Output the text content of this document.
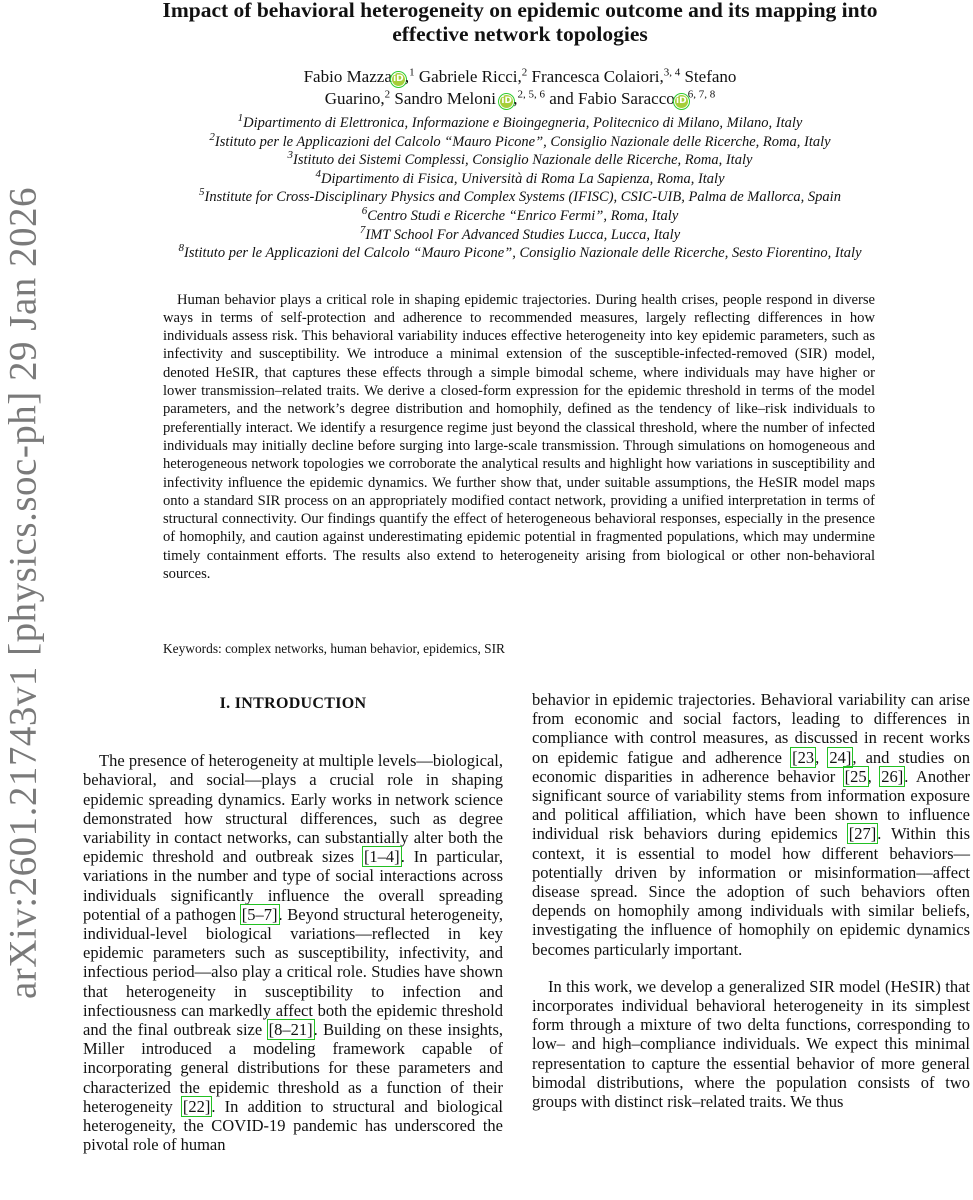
arXiv:2601.21743v1 [physics.soc-ph] 29 Jan 2026
Impact of behavioral heterogeneity on epidemic outcome and its mapping into
effective network topologies
Fabio MazzaiD,$^1$ Gabriele Ricci,$^2$ Francesca Colaiori,$^{3, 4}$ Stefano
Guarino,$^2$ Sandro Meloni iD,$^{2, 5, 6}$ and Fabio SaraccoiD$^{6, 7, 8}$
$^1$Dipartimento di Elettronica, Informazione e Bioingegneria, Politecnico di Milano, Milano, Italy
$^2$Istituto per le Applicazioni del Calcolo “Mauro Picone”, Consiglio Nazionale delle Ricerche, Roma, Italy
$^3$Istituto dei Sistemi Complessi, Consiglio Nazionale delle Ricerche, Roma, Italy
$^4$Dipartimento di Fisica, Università di Roma La Sapienza, Roma, Italy
$^5$Institute for Cross-Disciplinary Physics and Complex Systems (IFISC), CSIC-UIB, Palma de Mallorca, Spain
$^6$Centro Studi e Ricerche “Enrico Fermi”, Roma, Italy
$^7$IMT School For Advanced Studies Lucca, Lucca, Italy
$^8$Istituto per le Applicazioni del Calcolo “Mauro Picone”, Consiglio Nazionale delle Ricerche, Sesto Fiorentino, Italy

Human behavior plays a critical role in shaping epidemic trajectories. During health crises, people respond in diverse ways in terms of self-protection and adherence to recommended measures, largely reflecting differences in how individuals assess risk. This behavioral variability induces effective heterogeneity into key epidemic parameters, such as infectivity and susceptibility. We introduce a minimal extension of the susceptible-infected-removed (SIR) model, denoted HeSIR, that captures these effects through a simple bimodal scheme, where individuals may have higher or lower transmission–related traits. We derive a closed-form expression for the epidemic threshold in terms of the model parameters, and the network’s degree distribution and homophily, defined as the tendency of like–risk individuals to preferentially interact. We identify a resurgence regime just beyond the classical threshold, where the number of infected individuals may initially decline before surging into large-scale transmission. Through simulations on homogeneous and heterogeneous network topologies we corroborate the analytical results and highlight how variations in susceptibility and infectivity influence the epidemic dynamics. We further show that, under suitable assumptions, the HeSIR model maps onto a standard SIR process on an appropriately modified contact network, providing a unified interpretation in terms of structural connectivity. Our findings quantify the effect of heterogeneous behavioral responses, especially in the presence of homophily, and caution against underestimating epidemic potential in fragmented populations, which may undermine timely containment efforts. The results also extend to heterogeneity arising from biological or other non-behavioral sources.

Keywords: complex networks, human behavior, epidemics, SIR
I. INTRODUCTION

The presence of heterogeneity at multiple levels—biological, behavioral, and social—plays a crucial role in shaping epidemic spreading dynamics. Early works in network science demonstrated how structural differences, such as degree variability in contact networks, can substantially alter both the epidemic threshold and outbreak sizes [1–4]. In particular, variations in the number and type of social interactions across individuals significantly influence the overall spreading potential of a pathogen [5–7]. Beyond structural heterogeneity, individual-level biological variations—reflected in key epidemic parameters such as susceptibility, infectivity, and infectious period—also play a critical role. Studies have shown that heterogeneity in susceptibility to infection and infectiousness can markedly affect both the epidemic threshold and the final outbreak size [8–21]. Building on these insights, Miller introduced a modeling framework capable of incorporating general distributions for these parameters and characterized the epidemic threshold as a function of their heterogeneity [22]. In addition to structural and biological heterogeneity, the COVID-19 pandemic has underscored the pivotal role of human

behavior in epidemic trajectories. Behavioral variability can arise from economic and social factors, leading to differences in compliance with control measures, as discussed in recent works on epidemic fatigue and adherence [23, 24], and studies on economic disparities in adherence behavior [25, 26]. Another significant source of variability stems from information exposure and political affiliation, which have been shown to influence individual risk behaviors during epidemics [27]. Within this context, it is essential to model how different behaviors—potentially driven by information or misinformation—affect disease spread. Since the adoption of such behaviors often depends on homophily among individuals with similar beliefs, investigating the influence of homophily on epidemic dynamics becomes particularly important.

In this work, we develop a generalized SIR model (HeSIR) that incorporates individual behavioral heterogeneity in its simplest form through a mixture of two delta functions, corresponding to low– and high–compliance individuals. We expect this minimal representation to capture the essential behavior of more general bimodal distributions, where the population consists of two groups with distinct risk–related traits. We thus
